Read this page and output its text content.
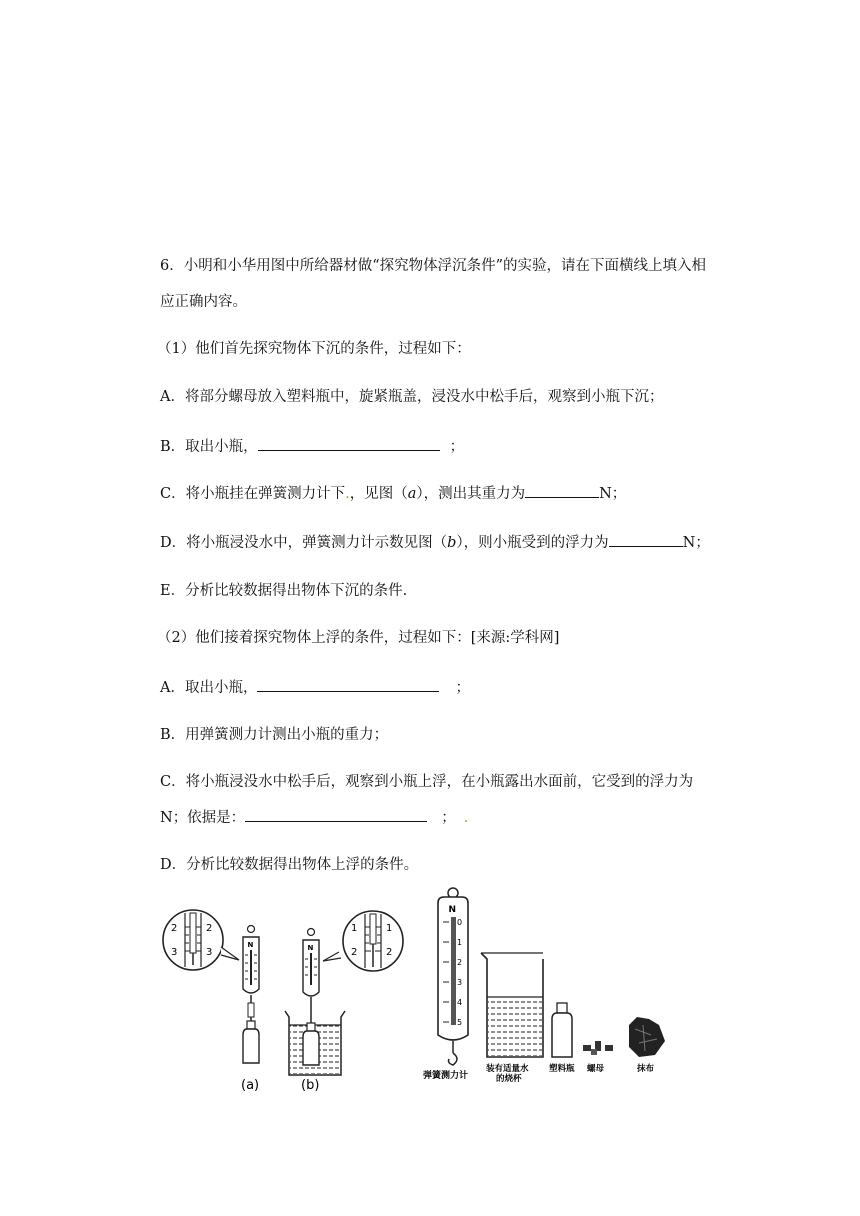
6．小明和小华用图中所给器材做“探究物体浮沉条件”的实验，请在下面横线上填入相
应正确内容。
（1）他们首先探究物体下沉的条件，过程如下：
A．将部分螺母放入塑料瓶中，旋紧瓶盖，浸没水中松手后，观察到小瓶下沉；
B．取出小瓶，	；
C．将小瓶挂在弹簧测力计下.，见图（a），测出其重力为	N；
D．将小瓶浸没水中，弹簧测力计示数见图（b），则小瓶受到的浮力为	N；
E．分析比较数据得出物体下沉的条件.
（2）他们接着探究物体上浮的条件，过程如下：[来源:学科网]
A．取出小瓶，	；
B．用弹簧测力计测出小瓶的重力；
C．将小瓶浸没水中松手后，观察到小瓶上浮，在小瓶露出水面前，它受到的浮力为
N；依据是：	； .
D．分析比较数据得出物体上浮的条件。
2
3
2
3
N
(a)
N
(b)
1
2
1
2
N
0
1
2
3
4
5
弹簧测力计
装有适量水
的烧杯
塑料瓶 螺母	抹布
